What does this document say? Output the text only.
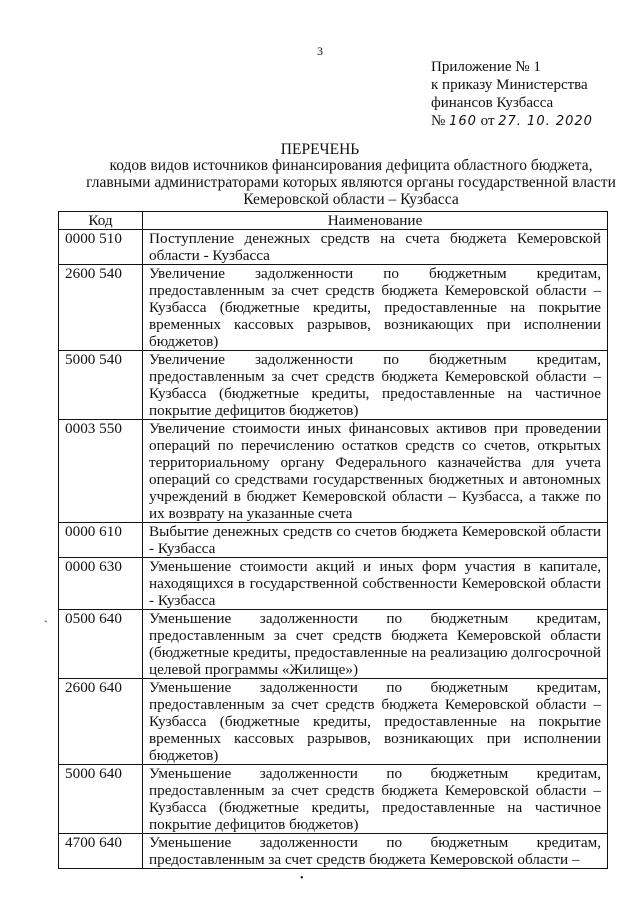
3
Приложение № 1
к приказу Министерства
финансов Кузбасса
№ 160 от 27. 10. 2020
ПЕРЕЧЕНЬ
кодов видов источников финансирования дефицита областного бюджета,
главными администраторами которых являются органы государственной власти
Кемеровской области – Кузбасса
Код	Наименование
0000 510	Поступление денежных средств на счета бюджета Кемеровской области - Кузбасса
2600 540	Увеличение задолженности по бюджетным кредитам, предоставленным за счет средств бюджета Кемеровской области – Кузбасса (бюджетные кредиты, предоставленные на покрытие временных кассовых разрывов, возникающих при исполнении бюджетов)
5000 540	Увеличение задолженности по бюджетным кредитам, предоставленным за счет средств бюджета Кемеровской области – Кузбасса (бюджетные кредиты, предоставленные на частичное покрытие дефицитов бюджетов)
0003 550	Увеличение стоимости иных финансовых активов при проведении операций по перечислению остатков средств со счетов, открытых территориальному органу Федерального казначейства для учета операций со средствами государственных бюджетных и автономных учреждений в бюджет Кемеровской области – Кузбасса, а также по их возврату на указанные счета
0000 610	Выбытие денежных средств со счетов бюджета Кемеровской области - Кузбасса
0000 630	Уменьшение стоимости акций и иных форм участия в капитале, находящихся в государственной собственности Кемеровской области - Кузбасса
0500 640	Уменьшение задолженности по бюджетным кредитам, предоставленным за счет средств бюджета Кемеровской области (бюджетные кредиты, предоставленные на реализацию долгосрочной целевой программы «Жилище»)
2600 640	Уменьшение задолженности по бюджетным кредитам, предоставленным за счет средств бюджета Кемеровской области – Кузбасса (бюджетные кредиты, предоставленные на покрытие временных кассовых разрывов, возникающих при исполнении бюджетов)
5000 640	Уменьшение задолженности по бюджетным кредитам, предоставленным за счет средств бюджета Кемеровской области – Кузбасса (бюджетные кредиты, предоставленные на частичное покрытие дефицитов бюджетов)
4700 640	Уменьшение задолженности по бюджетным кредитам, предоставленным за счет средств бюджета Кемеровской области –
ˋ
•
